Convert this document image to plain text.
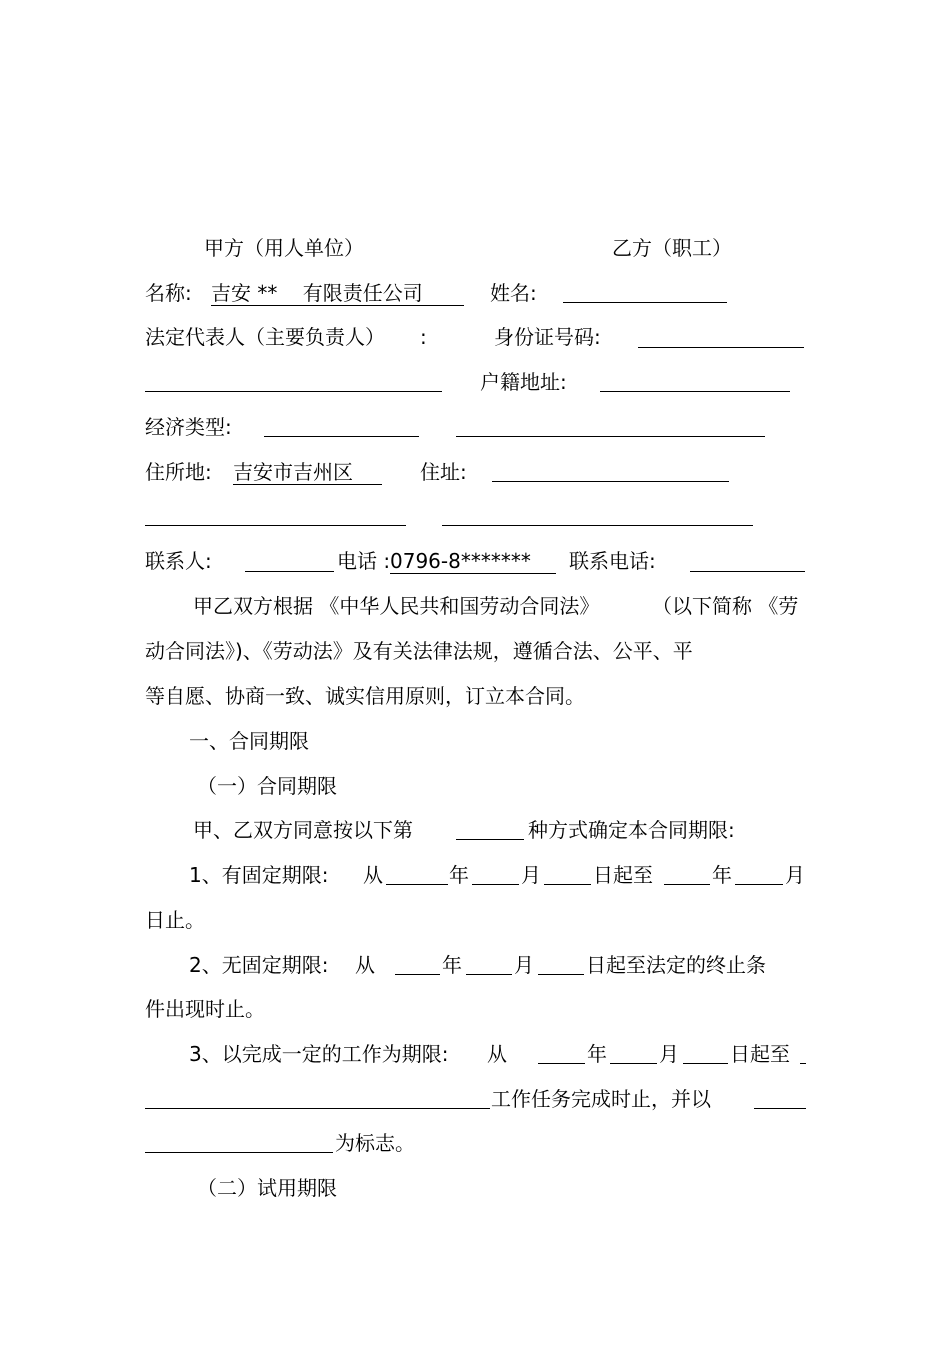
甲方（用人单位）	乙方（职工）
名称: 吉安 **    有限责任公司	姓名:
法定代表人（主要负责人） :	身份证号码:
户籍地址:
经济类型:
住所地: 吉安市吉州区	住址:
联系人:	电话 : 0796-8*******	联系电话:
甲乙双方根据 《中华人民共和国劳动合同法》	（以下简称 《劳
动合同法》)、《劳动法》及有关法律法规，遵循合法、公平、平
等自愿、协商一致、诚实信用原则，订立本合同。
一、合同期限
（一）合同期限
甲、乙双方同意按以下第	种方式确定本合同期限:
1、有固定期限: 从	年	月	日起至	年	月
日止。
2、无固定期限: 从	年	月	日起至法定的终止条
件出现时止。
3、以完成一定的工作为期限: 从	年	月	日起至
工作任务完成时止，并以
为标志。
（二）试用期限
